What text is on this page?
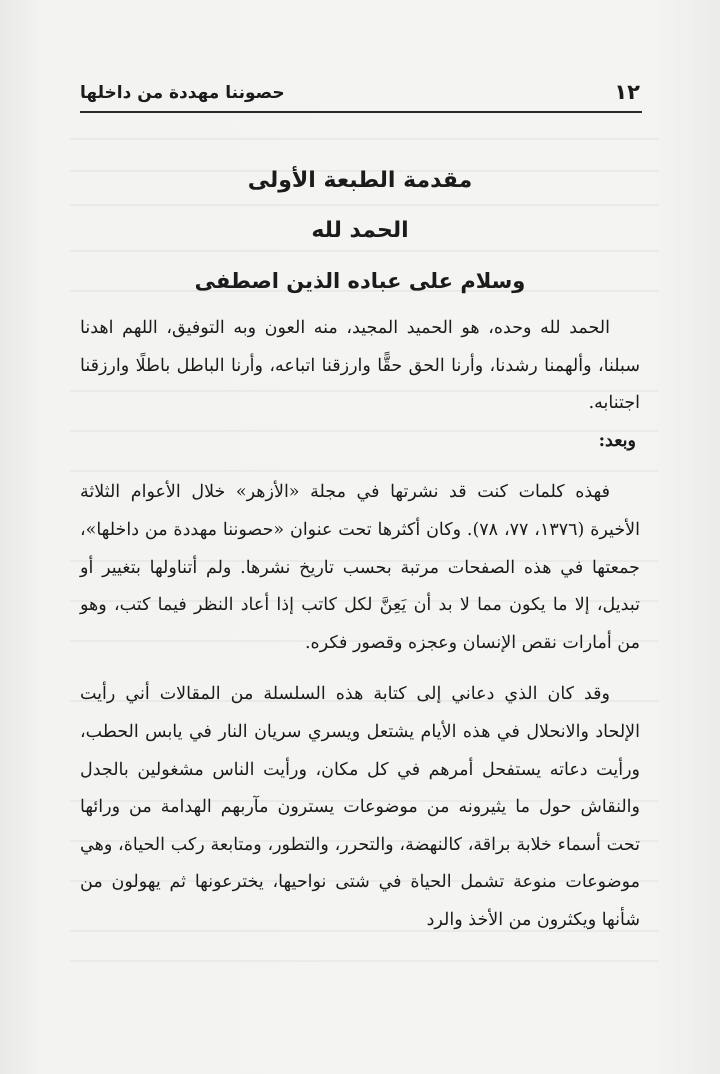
١٢
حصوننا مهددة من داخلها
مقدمة الطبعة الأولى
الحمد لله
وسلام على عباده الذين اصطفى

الحمد لله وحده، هو الحميد المجيد، منه العون وبه التوفيق، اللهم اهدنا سبلنا، وألهمنا رشدنا، وأرنا الحق حقًّا وارزقنا اتباعه، وأرنا الباطل باطلًا وارزقنا اجتنابه.

وبعد:

فهذه كلمات كنت قد نشرتها في مجلة «الأزهر» خلال الأعوام الثلاثة الأخيرة (١٣٧٦، ٧٧، ٧٨). وكان أكثرها تحت عنوان «حصوننا مهددة من داخلها»، جمعتها في هذه الصفحات مرتبة بحسب تاريخ نشرها. ولم أتناولها بتغيير أو تبديل، إلا ما يكون مما لا بد أن يَعِنَّ لكل كاتب إذا أعاد النظر فيما كتب، وهو من أمارات نقص الإنسان وعجزه وقصور فكره.

وقد كان الذي دعاني إلى كتابة هذه السلسلة من المقالات أني رأيت الإلحاد والانحلال في هذه الأيام يشتعل ويسري سريان النار في يابس الحطب، ورأيت دعاته يستفحل أمرهم في كل مكان، ورأيت الناس مشغولين بالجدل والنقاش حول ما يثيرونه من موضوعات يسترون مآربهم الهدامة من ورائها تحت أسماء خلابة براقة، كالنهضة، والتحرر، والتطور، ومتابعة ركب الحياة، وهي موضوعات منوعة تشمل الحياة في شتى نواحيها، يخترعونها ثم يهولون من شأنها ويكثرون من الأخذ والرد
